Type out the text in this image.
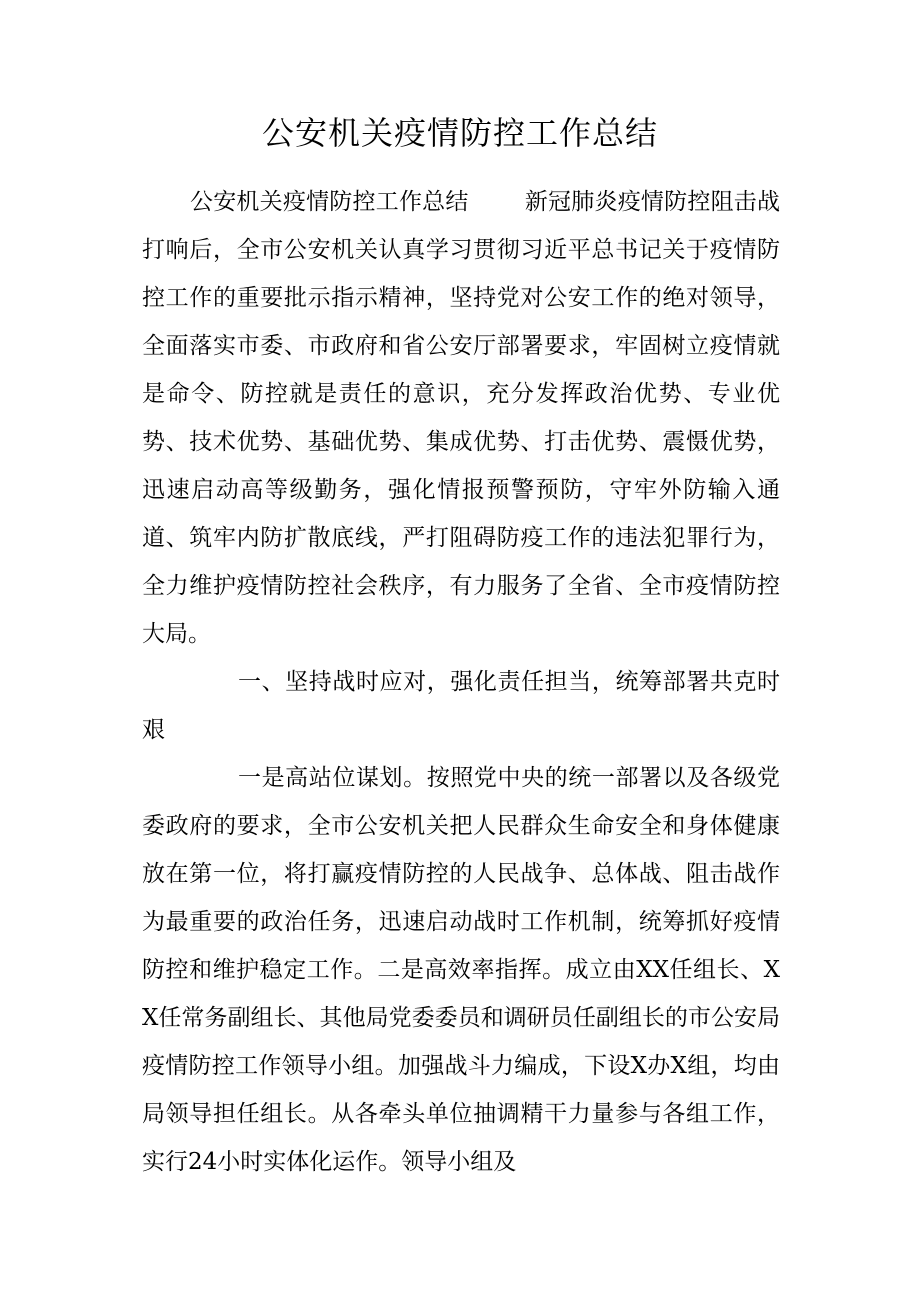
公安机关疫情防控工作总结

公安机关疫情防控工作总结 新冠肺炎疫情防控阻击战打响后，全市公安机关认真学习贯彻习近平总书记关于疫情防控工作的重要批示指示精神，坚持党对公安工作的绝对领导，全面落实市委、市政府和省公安厅部署要求，牢固树立疫情就是命令、防控就是责任的意识，充分发挥政治优势、专业优势、技术优势、基础优势、集成优势、打击优势、震慑优势，迅速启动高等级勤务，强化情报预警预防，守牢外防输入通道、筑牢内防扩散底线，严打阻碍防疫工作的违法犯罪行为，全力维护疫情防控社会秩序，有力服务了全省、全市疫情防控大局。

一、坚持战时应对，强化责任担当，统筹部署共克时艰

一是高站位谋划。按照党中央的统一部署以及各级党委政府的要求，全市公安机关把人民群众生命安全和身体健康放在第一位，将打赢疫情防控的人民战争、总体战、阻击战作为最重要的政治任务，迅速启动战时工作机制，统筹抓好疫情防控和维护稳定工作。二是高效率指挥。成立由XX任组长、XX任常务副组长、其他局党委委员和调研员任副组长的市公安局疫情防控工作领导小组。加强战斗力编成，下设X办X组，均由局领导担任组长。从各牵头单位抽调精干力量参与各组工作，实行24小时实体化运作。领导小组及
